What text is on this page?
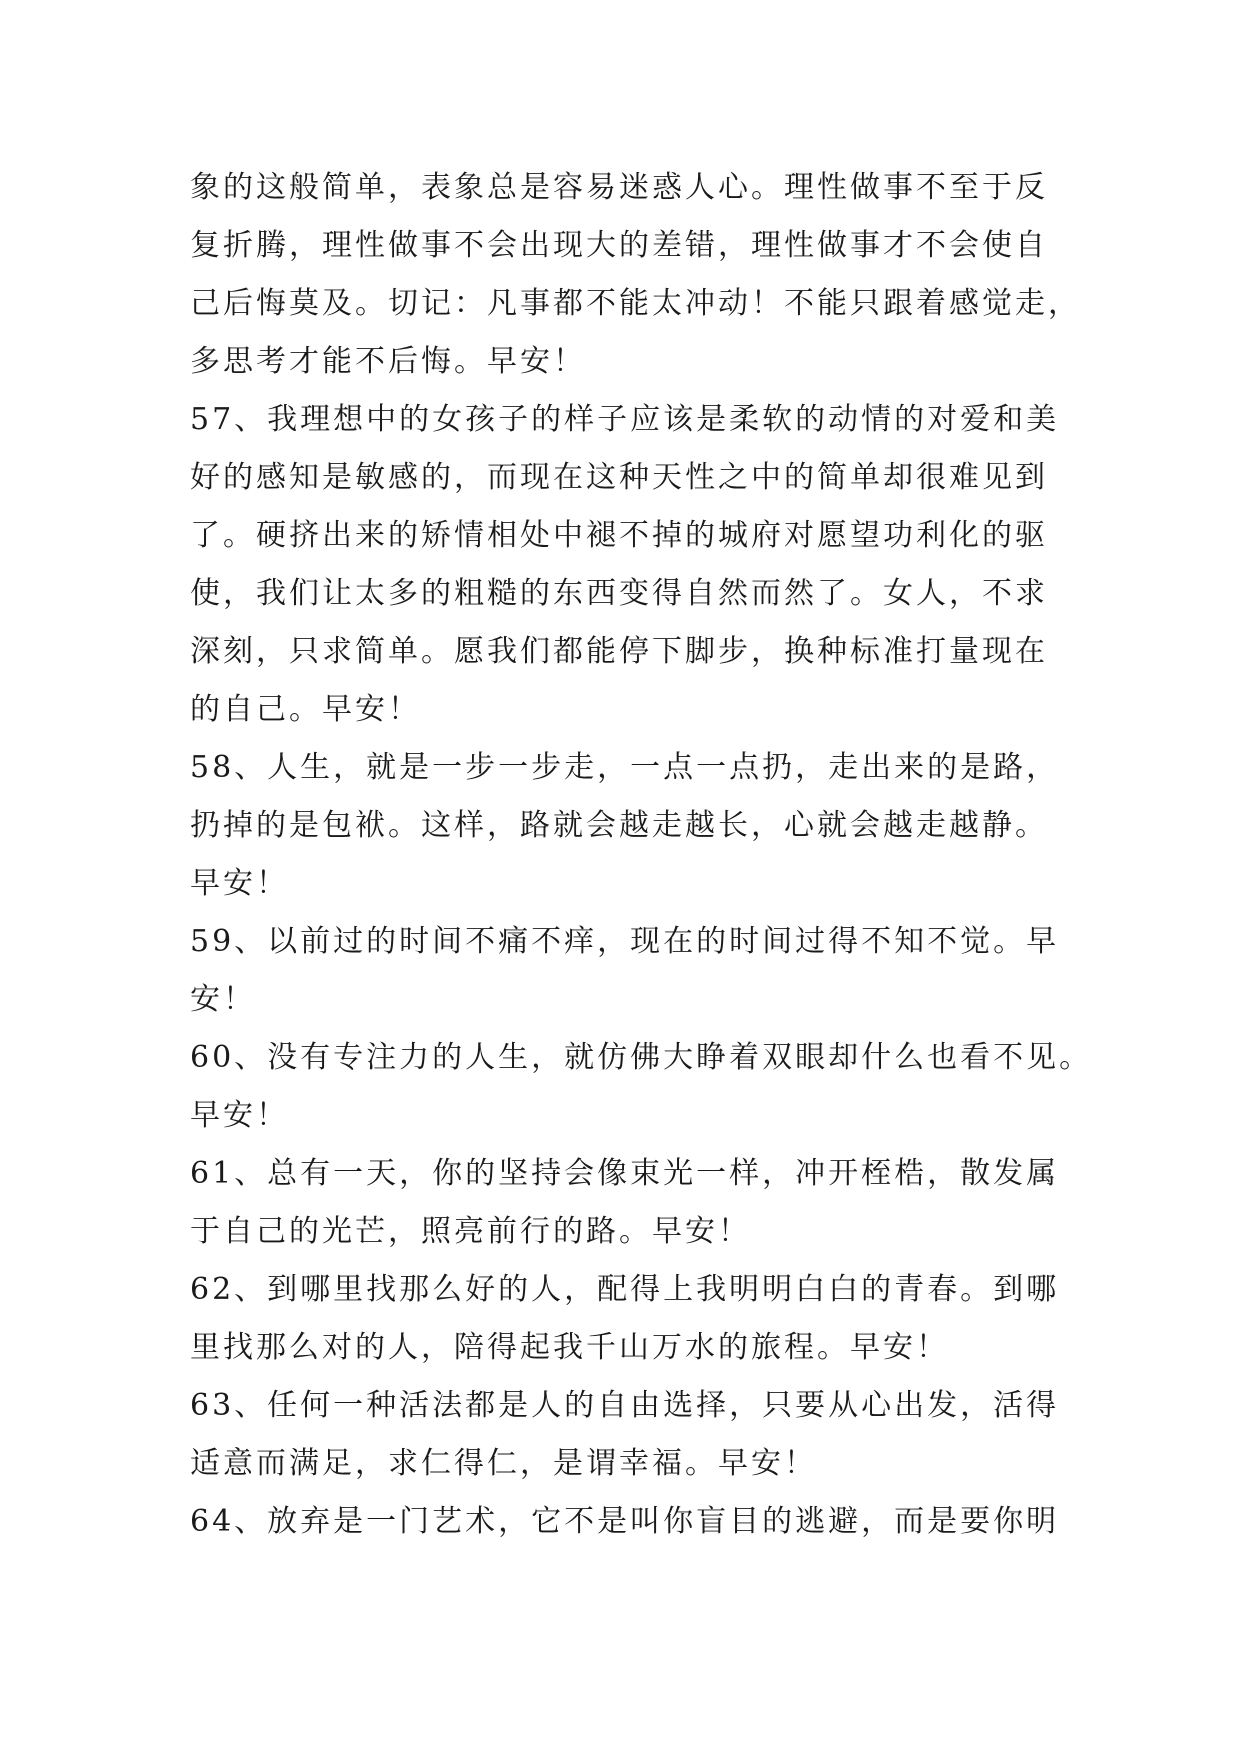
象的这般简单，表象总是容易迷惑人心。理性做事不至于反
复折腾，理性做事不会出现大的差错，理性做事才不会使自
己后悔莫及。切记：凡事都不能太冲动！不能只跟着感觉走，
多思考才能不后悔。早安！
57、我理想中的女孩子的样子应该是柔软的动情的对爱和美
好的感知是敏感的，而现在这种天性之中的简单却很难见到
了。硬挤出来的矫情相处中褪不掉的城府对愿望功利化的驱
使，我们让太多的粗糙的东西变得自然而然了。女人，不求
深刻，只求简单。愿我们都能停下脚步，换种标准打量现在
的自己。早安！
58、人生，就是一步一步走，一点一点扔，走出来的是路，
扔掉的是包袱。这样，路就会越走越长，心就会越走越静。
早安！
59、以前过的时间不痛不痒，现在的时间过得不知不觉。早
安！
60、没有专注力的人生，就仿佛大睁着双眼却什么也看不见。
早安！
61、总有一天，你的坚持会像束光一样，冲开桎梏，散发属
于自己的光芒，照亮前行的路。早安！
62、到哪里找那么好的人，配得上我明明白白的青春。到哪
里找那么对的人，陪得起我千山万水的旅程。早安！
63、任何一种活法都是人的自由选择，只要从心出发，活得
适意而满足，求仁得仁，是谓幸福。早安！
64、放弃是一门艺术，它不是叫你盲目的逃避，而是要你明
